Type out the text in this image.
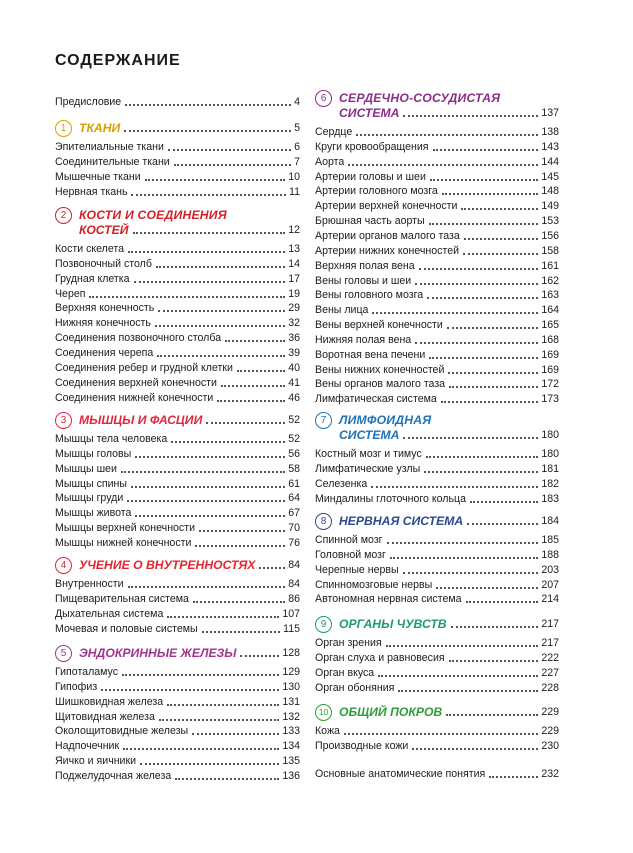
СОДЕРЖАНИЕ
Предисловие	4
1	ТКАНИ	5
Эпителиальные ткани	6
Соединительные ткани	7
Мышечные ткани	10
Нервная ткань	11
2	КОСТИ И СОЕДИНЕНИЯ
КОСТЕЙ	12
Кости скелета	13
Позвоночный столб	14
Грудная клетка	17
Череп	19
Верхняя конечность	29
Нижняя конечность	32
Соединения позвоночного столба	36
Соединения черепа	39
Соединения ребер и грудной клетки	40
Соединения верхней конечности	41
Соединения нижней конечности	46
3	МЫШЦЫ И ФАСЦИИ	52
Мышцы тела человека	52
Мышцы головы	56
Мышцы шеи	58
Мышцы спины	61
Мышцы груди	64
Мышцы живота	67
Мышцы верхней конечности	70
Мышцы нижней конечности	76
4	УЧЕНИЕ О ВНУТРЕННОСТЯХ	84
Внутренности	84
Пищеварительная система	86
Дыхательная система	107
Мочевая и половые системы	115
5	ЭНДОКРИННЫЕ ЖЕЛЕЗЫ	128
Гипоталамус	129
Гипофиз	130
Шишковидная железа	131
Щитовидная железа	132
Околощитовидные железы	133
Надпочечник	134
Яичко и яичники	135
Поджелудочная железа	136
6	СЕРДЕЧНО-СОСУДИСТАЯ
СИСТЕМА	137
Сердце	138
Круги кровообращения	143
Аорта	144
Артерии головы и шеи	145
Артерии головного мозга	148
Артерии верхней конечности	149
Брюшная часть аорты	153
Артерии органов малого таза	156
Артерии нижних конечностей	158
Верхняя полая вена	161
Вены головы и шеи	162
Вены головного мозга	163
Вены лица	164
Вены верхней конечности	165
Нижняя полая вена	168
Воротная вена печени	169
Вены нижних конечностей	169
Вены органов малого таза	172
Лимфатическая система	173
7	ЛИМФОИДНАЯ
СИСТЕМА	180
Костный мозг и тимус	180
Лимфатические узлы	181
Селезенка	182
Миндалины глоточного кольца	183
8	НЕРВНАЯ СИСТЕМА	184
Спинной мозг	185
Головной мозг	188
Черепные нервы	203
Спинномозговые нервы	207
Автономная нервная система	214
9	ОРГАНЫ ЧУВСТВ	217
Орган зрения	217
Орган слуха и равновесия	222
Орган вкуса	227
Орган обоняния	228
10 ОБЩИЙ ПОКРОВ	229
Кожа	229
Производные кожи	230
Основные анатомические понятия	232
